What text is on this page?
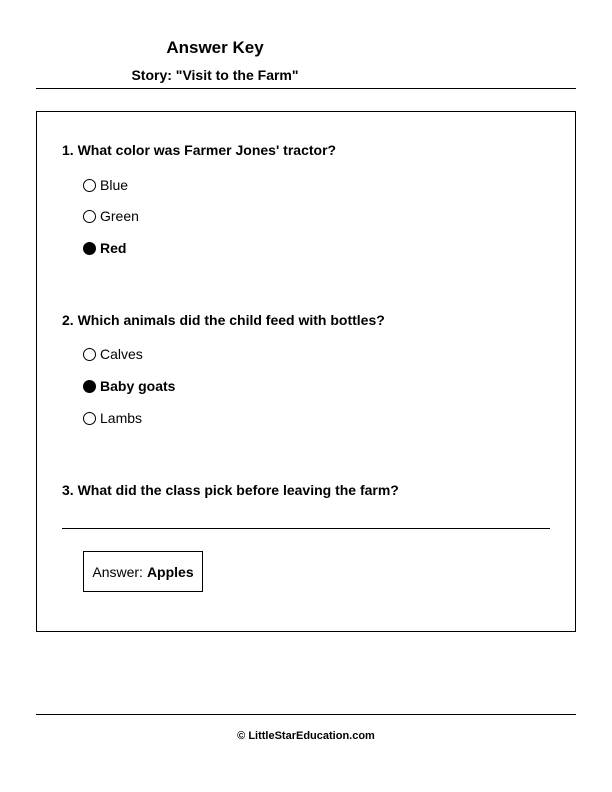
Answer Key
Story: "Visit to the Farm"
1. What color was Farmer Jones' tractor?
Blue
Green
Red
2. Which animals did the child feed with bottles?
Calves
Baby goats
Lambs
3. What did the class pick before leaving the farm?
Answer: Apples
© LittleStarEducation.com
